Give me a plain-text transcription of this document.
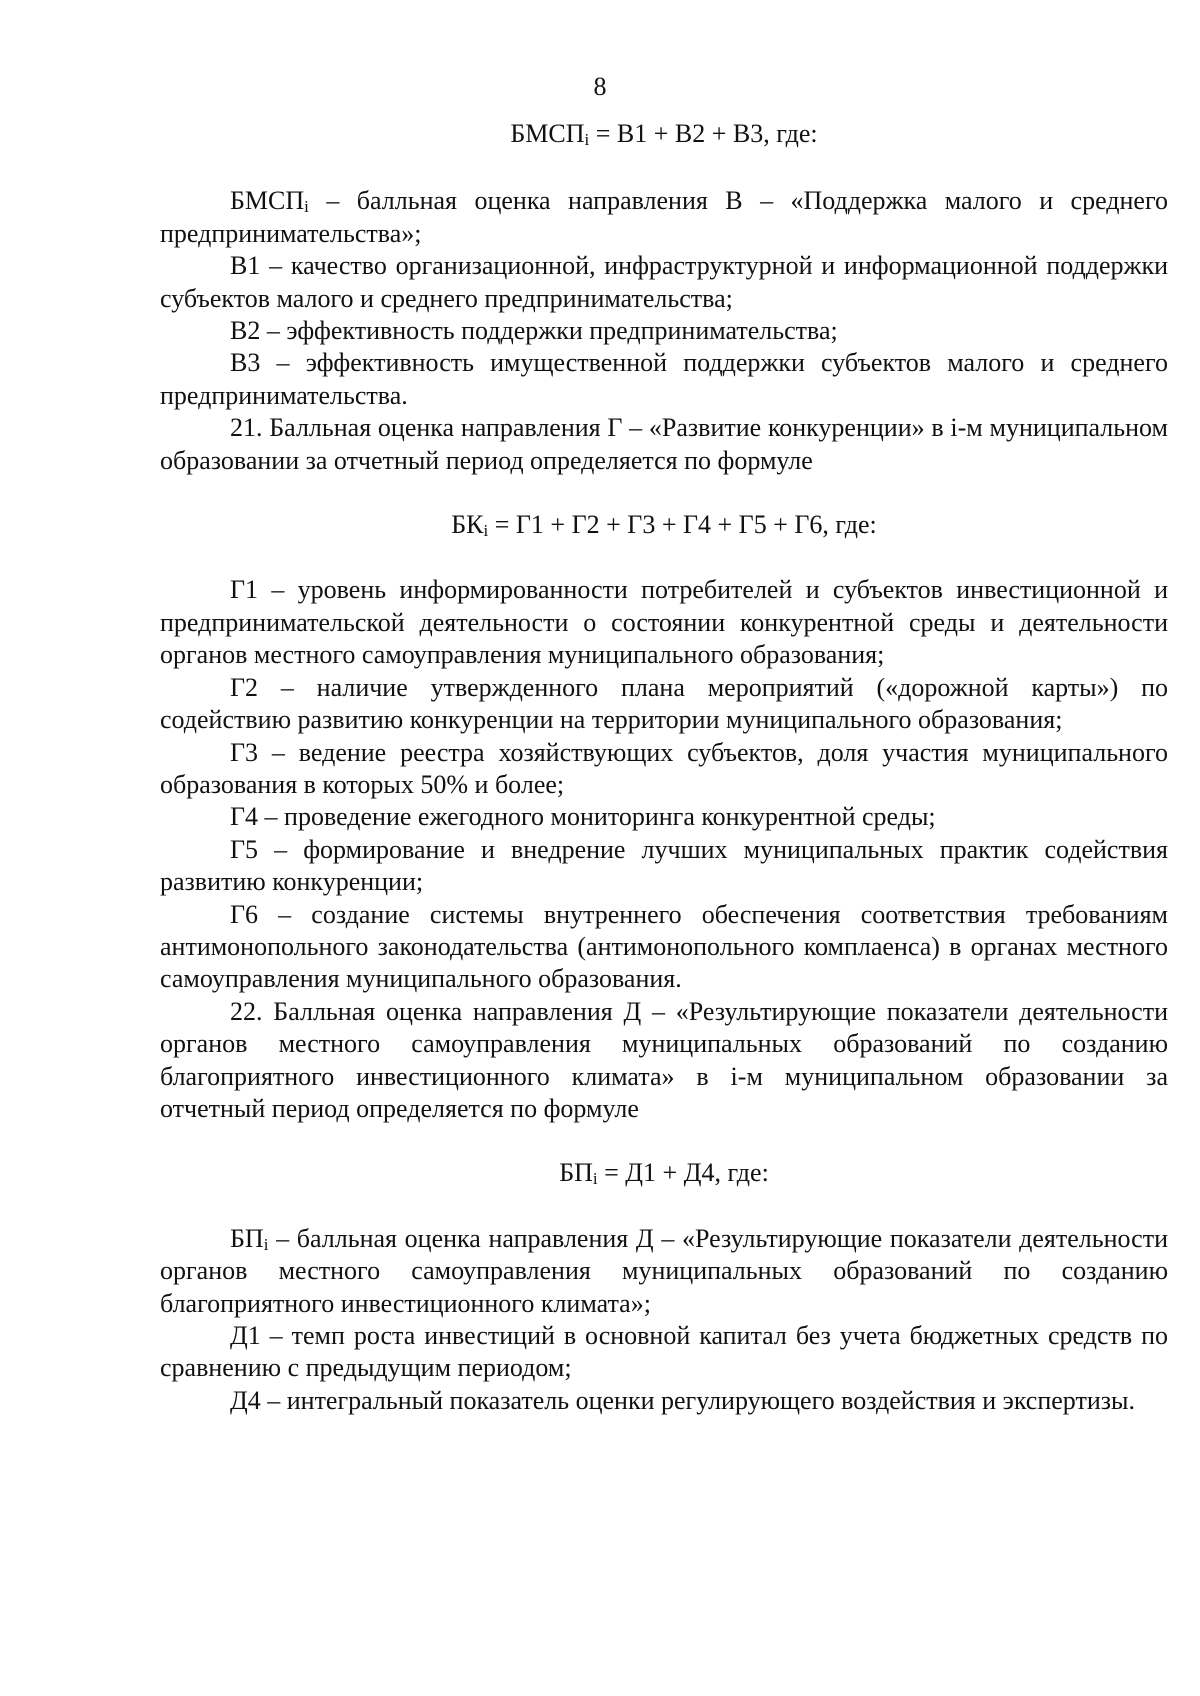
8

$БМСП_i = В1 + В2 + В3$, где:

$БМСП_i$ – балльная оценка направления В – «Поддержка малого и среднего предпринимательства»;

В1 – качество организационной, инфраструктурной и информационной поддержки субъектов малого и среднего предпринимательства;

В2 – эффективность поддержки предпринимательства;

В3 – эффективность имущественной поддержки субъектов малого и среднего предпринимательства.

21. Балльная оценка направления Г – «Развитие конкуренции» в i-м муниципальном образовании за отчетный период определяется по формуле

$БК_i = Г1 + Г2 + Г3 + Г4 + Г5 + Г6$, где:

Г1 – уровень информированности потребителей и субъектов инвестиционной и предпринимательской деятельности о состоянии конкурентной среды и деятельности органов местного самоуправления муниципального образования;

Г2 – наличие утвержденного плана мероприятий («дорожной карты») по содействию развитию конкуренции на территории муниципального образования;

Г3 – ведение реестра хозяйствующих субъектов, доля участия муниципального образования в которых 50% и более;

Г4 – проведение ежегодного мониторинга конкурентной среды;

Г5 – формирование и внедрение лучших муниципальных практик содействия развитию конкуренции;

Г6 – создание системы внутреннего обеспечения соответствия требованиям антимонопольного законодательства (антимонопольного комплаенса) в органах местного самоуправления муниципального образования.

22. Балльная оценка направления Д – «Результирующие показатели деятельности органов местного самоуправления муниципальных образований по созданию благоприятного инвестиционного климата» в i-м муниципальном образовании за отчетный период определяется по формуле

$БП_i = Д1 + Д4$, где:

$БП_i$ – балльная оценка направления Д – «Результирующие показатели деятельности органов местного самоуправления муниципальных образований по созданию благоприятного инвестиционного климата»;

Д1 – темп роста инвестиций в основной капитал без учета бюджетных средств по сравнению с предыдущим периодом;

Д4 – интегральный показатель оценки регулирующего воздействия и экспертизы.
